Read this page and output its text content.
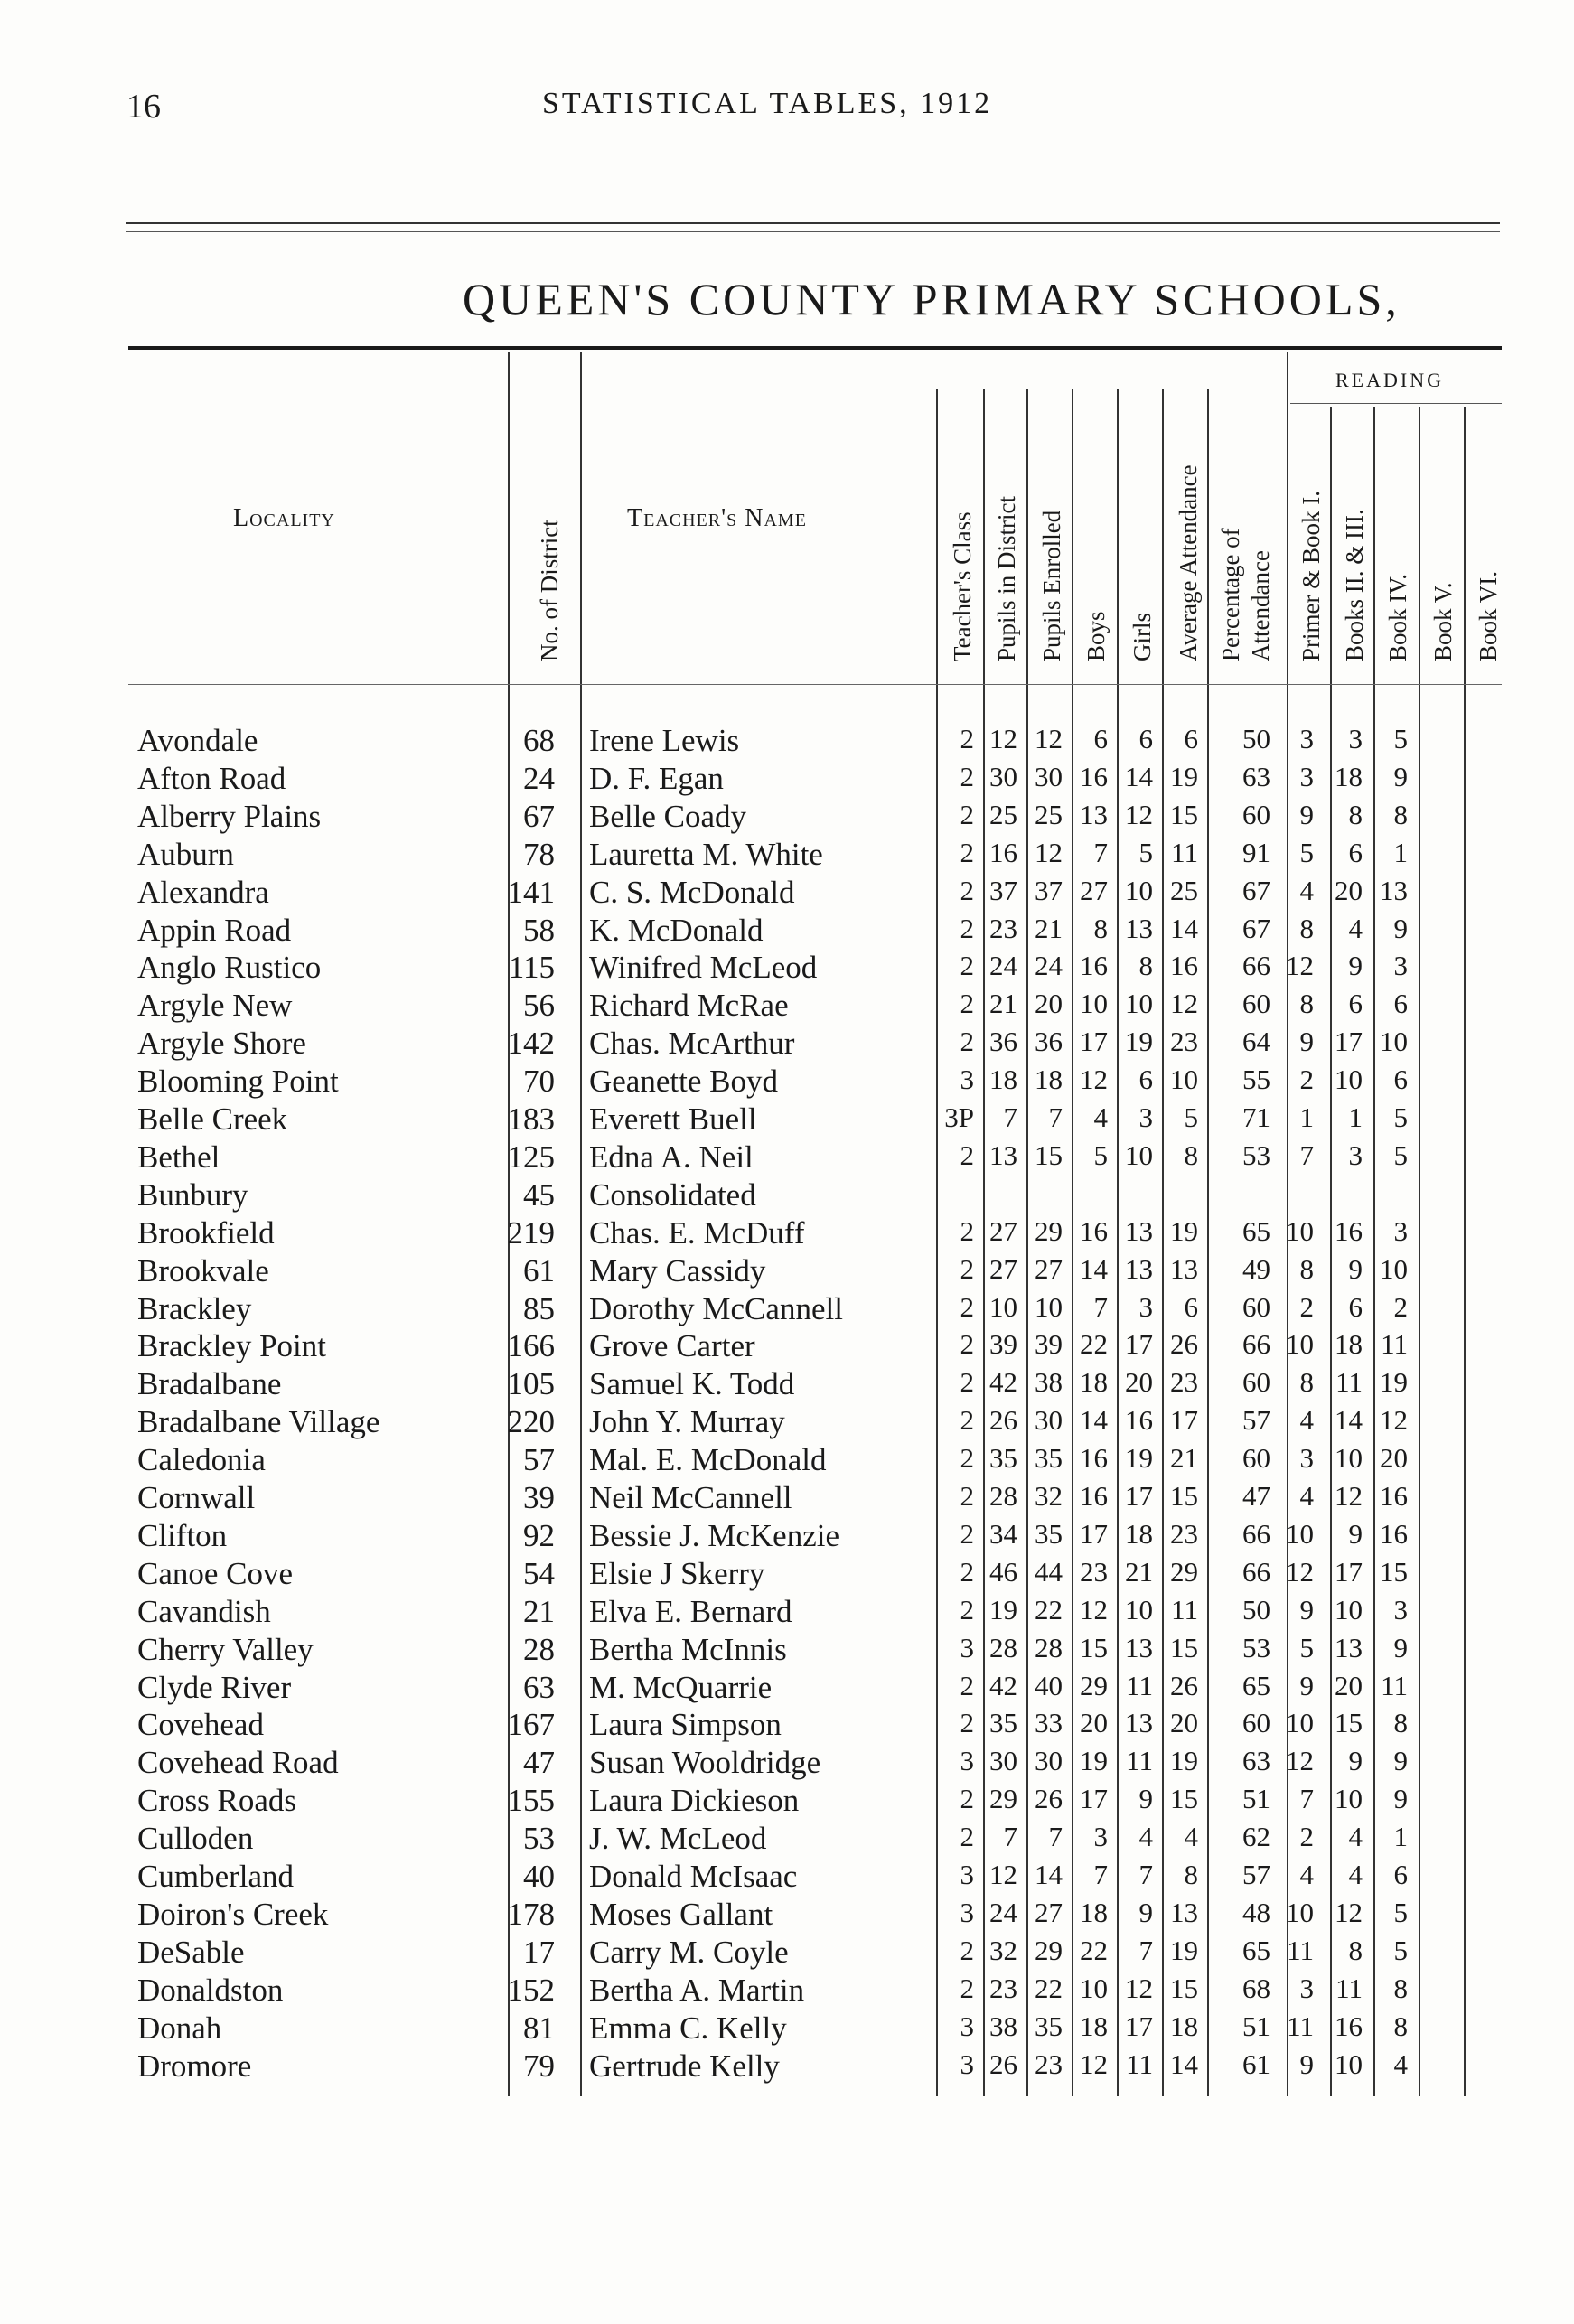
16	STATISTICAL TABLES, 1912
QUEEN'S COUNTY PRIMARY SCHOOLS,
Locality	Teacher's Name
READING
No. of District	Teacher's Class Pupils in District Pupils Enrolled Boys Girls Average Attendance Percentage of Attendance Primer & Book I. Books II. & III. Book IV. Book V. Book VI.
Avondale	68 Irene Lewis	2 12 12 6 6 6 50 3 3 5
Afton Road	24 D. F. Egan	2 30 30 16 14 19 63 3 18 9
Alberry Plains	67 Belle Coady	2 25 25 13 12 15 60 9 8 8
Auburn	78 Lauretta M. White	2 16 12 7 5 11 91 5 6 1
Alexandra	141 C. S. McDonald	2 37 37 27 10 25 67 4 20 13
Appin Road	58 K. McDonald	2 23 21 8 13 14 67 8 4 9
Anglo Rustico	115 Winifred McLeod	2 24 24 16 8 16 66 12 9 3
Argyle New	56 Richard McRae	2 21 20 10 10 12 60 8 6 6
Argyle Shore	142 Chas. McArthur	2 36 36 17 19 23 64 9 17 10
Blooming Point	70 Geanette Boyd	3 18 18 12 6 10 55 2 10 6
Belle Creek	183 Everett Buell	3P 7 7 4 3 5 71 1 1 5
Bethel	125 Edna A. Neil	2 13 15 5 10 8 53 7 3 5
Bunbury	45 Consolidated
Brookfield	219 Chas. E. McDuff	2 27 29 16 13 19 65 10 16 3
Brookvale	61 Mary Cassidy	2 27 27 14 13 13 49 8 9 10
Brackley	85 Dorothy McCannell	2 10 10 7 3 6 60 2 6 2
Brackley Point	166 Grove Carter	2 39 39 22 17 26 66 10 18 11
Bradalbane	105 Samuel K. Todd	2 42 38 18 20 23 60 8 11 19
Bradalbane Village	220 John Y. Murray	2 26 30 14 16 17 57 4 14 12
Caledonia	57 Mal. E. McDonald	2 35 35 16 19 21 60 3 10 20
Cornwall	39 Neil McCannell	2 28 32 16 17 15 47 4 12 16
Clifton	92 Bessie J. McKenzie	2 34 35 17 18 23 66 10 9 16
Canoe Cove	54 Elsie J Skerry	2 46 44 23 21 29 66 12 17 15
Cavandish	21 Elva E. Bernard	2 19 22 12 10 11 50 9 10 3
Cherry Valley	28 Bertha McInnis	3 28 28 15 13 15 53 5 13 9
Clyde River	63 M. McQuarrie	2 42 40 29 11 26 65 9 20 11
Covehead	167 Laura Simpson	2 35 33 20 13 20 60 10 15 8
Covehead Road	47 Susan Wooldridge	3 30 30 19 11 19 63 12 9 9
Cross Roads	155 Laura Dickieson	2 29 26 17 9 15 51 7 10 9
Culloden	53 J. W. McLeod	2 7 7 3 4 4 62 2 4 1
Cumberland	40 Donald McIsaac	3 12 14 7 7 8 57 4 4 6
Doiron's Creek	178 Moses Gallant	3 24 27 18 9 13 48 10 12 5
DeSable	17 Carry M. Coyle	2 32 29 22 7 19 65 11 8 5
Donaldston	152 Bertha A. Martin	2 23 22 10 12 15 68 3 11 8
Donah	81 Emma C. Kelly	3 38 35 18 17 18 51 11 16 8
Dromore	79 Gertrude Kelly	3 26 23 12 11 14 61 9 10 4
